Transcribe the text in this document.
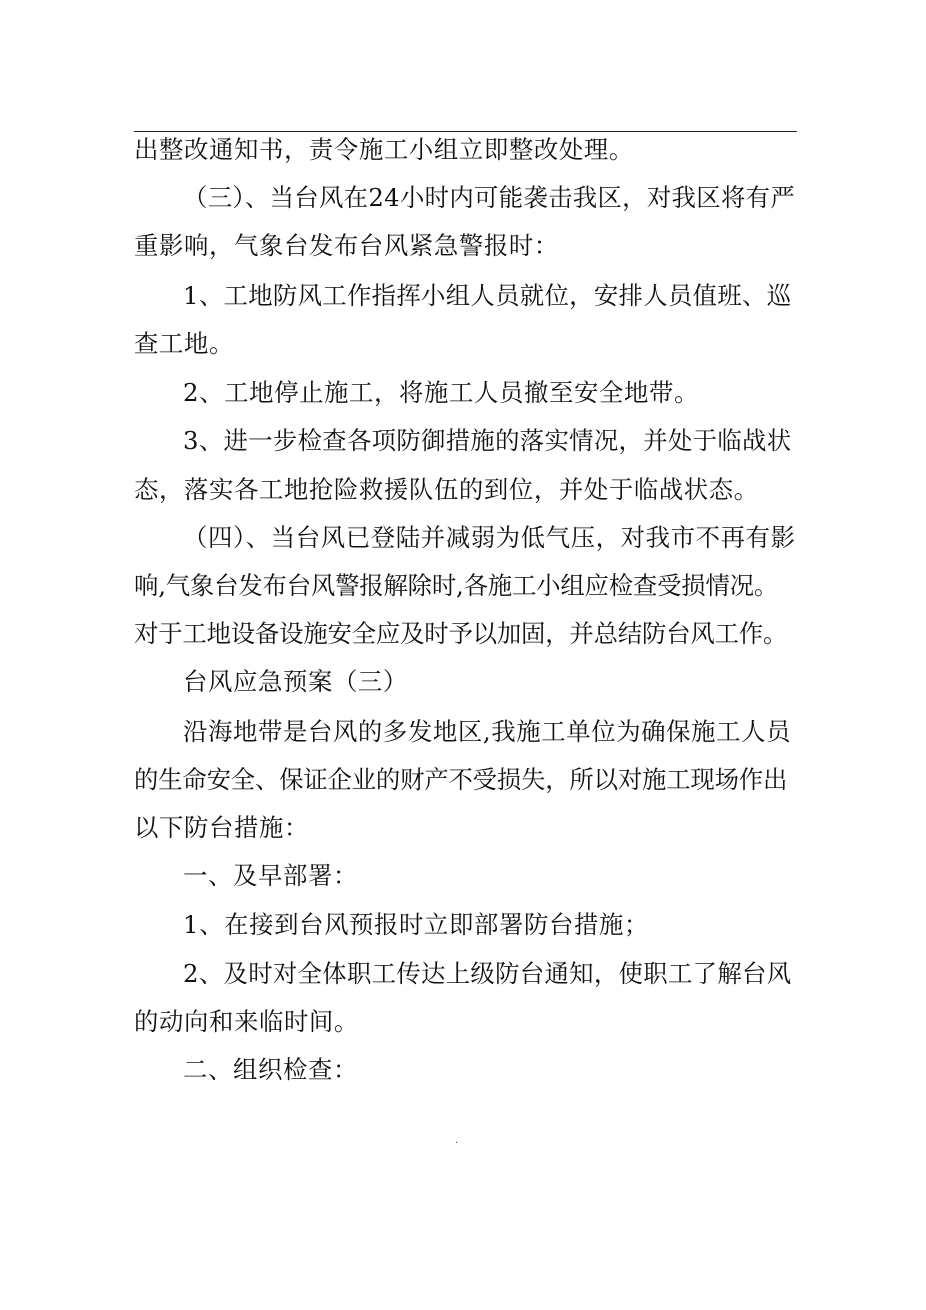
出整改通知书，责令施工小组立即整改处理。
（三）、当台风在24小时内可能袭击我区，对我区将有严
重影响，气象台发布台风紧急警报时：
1、工地防风工作指挥小组人员就位，安排人员值班、巡
查工地。
2、工地停止施工，将施工人员撤至安全地带。
3、进一步检查各项防御措施的落实情况，并处于临战状
态，落实各工地抢险救援队伍的到位，并处于临战状态。
（四）、当台风已登陆并减弱为低气压，对我市不再有影
响,气象台发布台风警报解除时,各施工小组应检查受损情况。
对于工地设备设施安全应及时予以加固，并总结防台风工作。
台风应急预案（三）
沿海地带是台风的多发地区,我施工单位为确保施工人员
的生命安全、保证企业的财产不受损失，所以对施工现场作出
以下防台措施：
一、及早部署：
1、在接到台风预报时立即部署防台措施；
2、及时对全体职工传达上级防台通知，使职工了解台风
的动向和来临时间。
二、组织检查：
.
